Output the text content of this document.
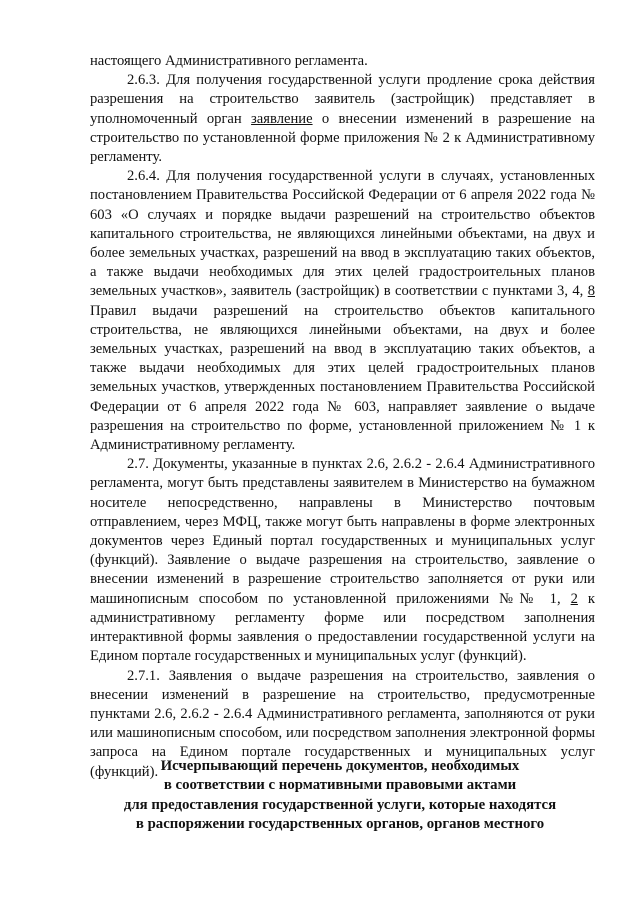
настоящего Административного регламента.

2.6.3. Для получения государственной услуги продление срока действия разрешения на строительство заявитель (застройщик) представляет в уполномоченный орган заявление о внесении изменений в разрешение на строительство по установленной форме приложения № 2 к Административному регламенту.

2.6.4. Для получения государственной услуги в случаях, установленных постановлением Правительства Российской Федерации от 6 апреля 2022 года № 603 «О случаях и порядке выдачи разрешений на строительство объектов капитального строительства, не являющихся линейными объектами, на двух и более земельных участках, разрешений на ввод в эксплуатацию таких объектов, а также выдачи необходимых для этих целей градостроительных планов земельных участков», заявитель (застройщик) в соответствии с пунктами 3, 4, 8 Правил выдачи разрешений на строительство объектов капитального строительства, не являющихся линейными объектами, на двух и более земельных участках, разрешений на ввод в эксплуатацию таких объектов, а также выдачи необходимых для этих целей градостроительных планов земельных участков, утвержденных постановлением Правительства Российской Федерации от 6 апреля 2022 года № 603, направляет заявление о выдаче разрешения на строительство по форме, установленной приложением № 1 к Административному регламенту.

2.7. Документы, указанные в пунктах 2.6, 2.6.2 - 2.6.4 Административного регламента, могут быть представлены заявителем в Министерство на бумажном носителе непосредственно, направлены в Министерство почтовым отправлением, через МФЦ, также могут быть направлены в форме электронных документов через Единый портал государственных и муниципальных услуг (функций). Заявление о выдаче разрешения на строительство, заявление о внесении изменений в разрешение строительство заполняется от руки или машинописным способом по установленной приложениями №№ 1, 2 к административному регламенту форме или посредством заполнения интерактивной формы заявления о предоставлении государственной услуги на Едином портале государственных и муниципальных услуг (функций).

2.7.1. Заявления о выдаче разрешения на строительство, заявления о внесении изменений в разрешение на строительство, предусмотренные пунктами 2.6, 2.6.2 - 2.6.4 Административного регламента, заполняются от руки или машинописным способом, или посредством заполнения электронной формы запроса на Едином портале государственных и муниципальных услуг (функций). Исчерпывающий перечень документов, необходимых
в соответствии с нормативными правовыми актами
для предоставления государственной услуги, которые находятся
в распоряжении государственных органов, органов местного
